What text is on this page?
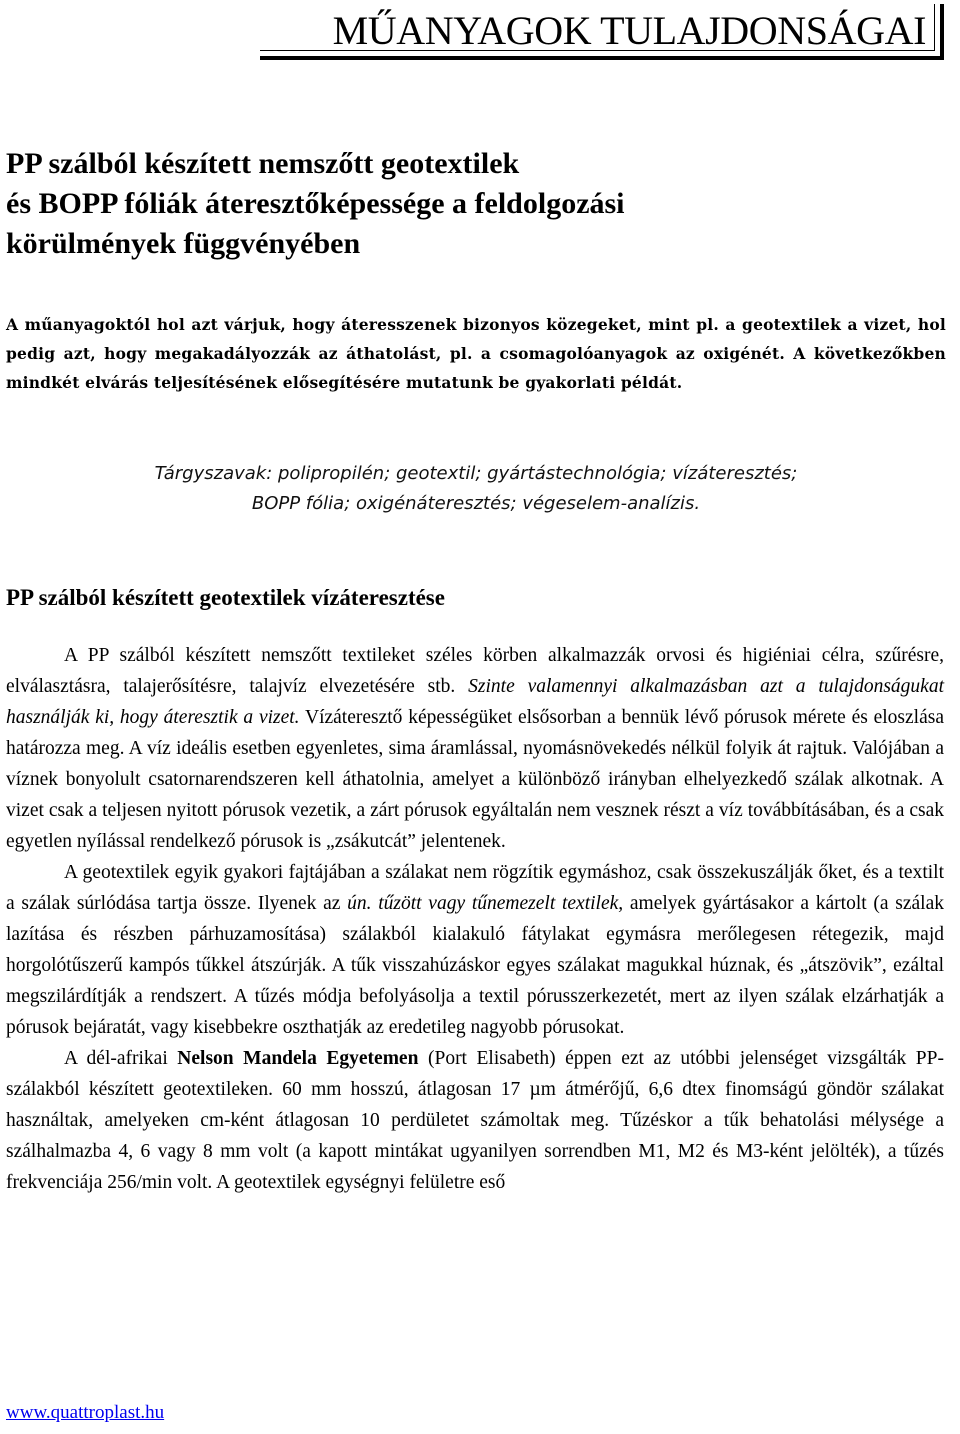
MŰANYAGOK TULAJDONSÁGAI
PP szálból készített nemszőtt geotextilek
és BOPP fóliák áteresztőképessége a feldolgozási
körülmények függvényében

A műanyagoktól hol azt várjuk, hogy áteresszenek bizonyos közegeket, mint pl. a geotextilek a vizet, hol pedig azt, hogy megakadályozzák az áthatolást, pl. a csomagolóanyagok az oxigénét. A következőkben mindkét elvárás teljesítésének elősegítésére mutatunk be gyakorlati példát.

Tárgyszavak: polipropilén; geotextil; gyártástechnológia; vízáteresztés;
BOPP fólia; oxigénáteresztés; végeselem-analízis.

PP szálból készített geotextilek vízáteresztése

A PP szálból készített nemszőtt textileket széles körben alkalmazzák orvosi és higiéniai célra, szűrésre, elválasztásra, talajerősítésre, talajvíz elvezetésére stb. Szinte valamennyi alkalmazásban azt a tulajdonságukat használják ki, hogy áteresztik a vizet. Vízáteresztő képességüket elsősorban a bennük lévő pórusok mérete és eloszlása határozza meg. A víz ideális esetben egyenletes, sima áramlással, nyomásnövekedés nélkül folyik át rajtuk. Valójában a víznek bonyolult csatornarendszeren kell áthatolnia, amelyet a különböző irányban elhelyezkedő szálak alkotnak. A vizet csak a teljesen nyitott pórusok vezetik, a zárt pórusok egyáltalán nem vesznek részt a víz továbbításában, és a csak egyetlen nyílással rendelkező pórusok is „zsákutcát” jelentenek.

A geotextilek egyik gyakori fajtájában a szálakat nem rögzítik egymáshoz, csak összekuszálják őket, és a textilt a szálak súrlódása tartja össze. Ilyenek az ún. tűzött vagy tűnemezelt textilek, amelyek gyártásakor a kártolt (a szálak lazítása és részben párhuzamosítása) szálakból kialakuló fátylakat egymásra merőlegesen rétegezik, majd horgolótűszerű kampós tűkkel átszúrják. A tűk visszahúzáskor egyes szálakat magukkal húznak, és „átszövik”, ezáltal megszilárdítják a rendszert. A tűzés módja befolyásolja a textil pórusszerkezetét, mert az ilyen szálak elzárhatják a pórusok bejáratát, vagy kisebbekre oszthatják az eredetileg nagyobb pórusokat.

A dél-afrikai Nelson Mandela Egyetemen (Port Elisabeth) éppen ezt az utóbbi jelenséget vizsgálták PP-szálakból készített geotextileken. 60 mm hosszú, átlagosan 17 µm átmérőjű, 6,6 dtex finomságú göndör szálakat használtak, amelyeken cm-ként átlagosan 10 perdületet számoltak meg. Tűzéskor a tűk behatolási mélysége a szálhalmazba 4, 6 vagy 8 mm volt (a kapott mintákat ugyanilyen sorrendben M1, M2 és M3-ként jelölték), a tűzés frekvenciája 256/min volt. A geotextilek egységnyi felületre eső

www.quattroplast.hu
